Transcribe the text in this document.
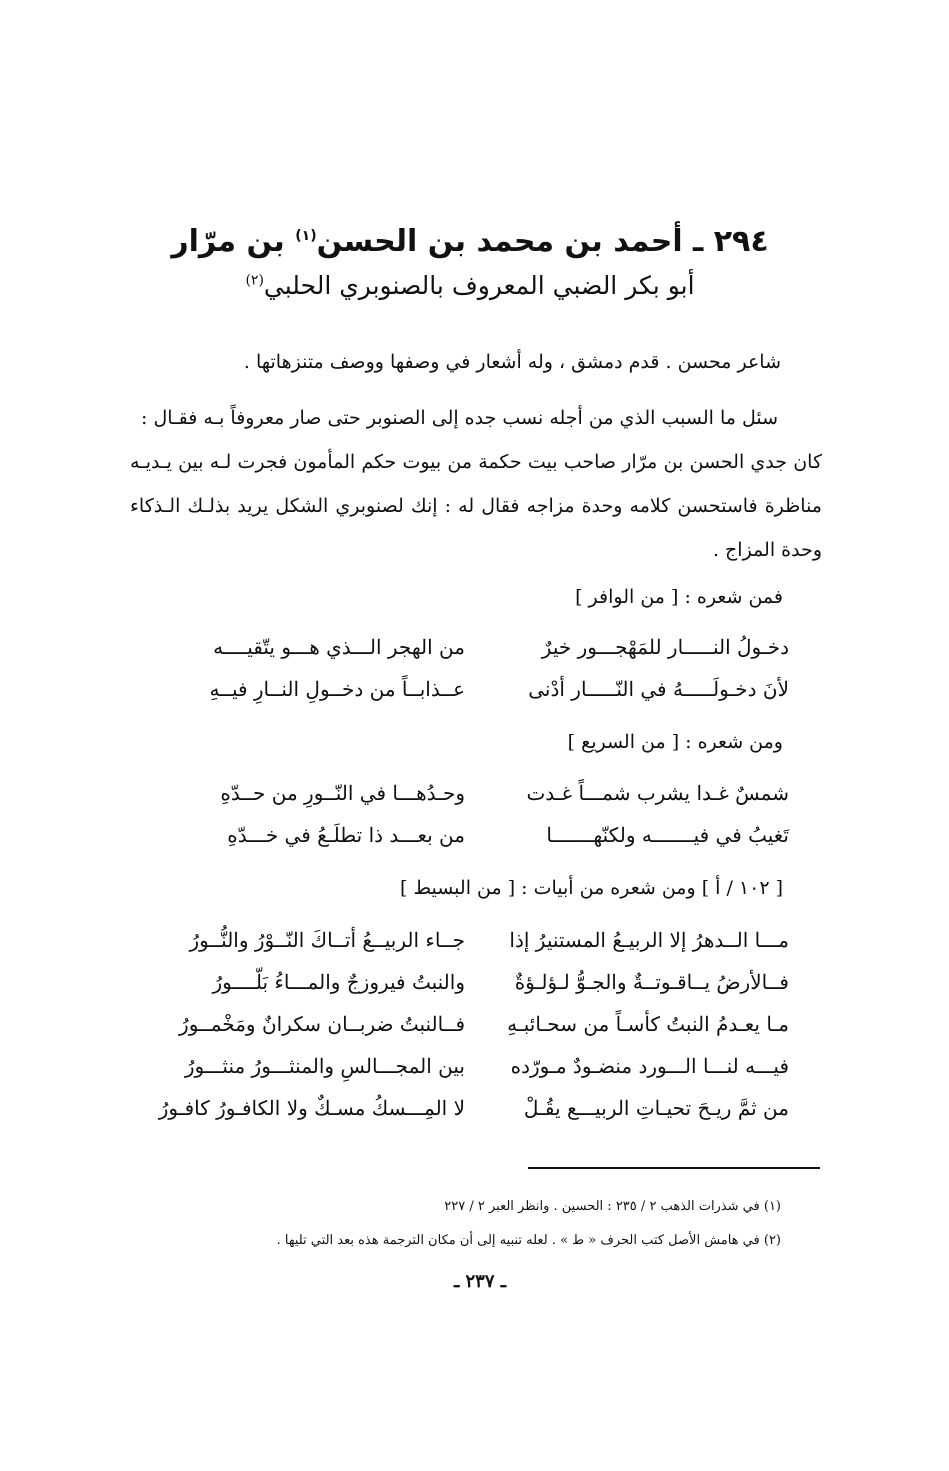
٢٩٤ ـ أحمد بن محمد بن الحسن$^{(١)}$ بن مرّار
أبو بكر الضبي المعروف بالصنوبري الحلبي$^{(٢)}$
شاعر محسن . قدم دمشق ، وله أشعار في وصفها ووصف متنزهاتها .
سئل ما السبب الذي من أجله نسب جده إلى الصنوبر حتى صار معروفاً بـه فقـال :
كان جدي الحسن بن مرّار صاحب بيت حكمة من بيوت حكم المأمون فجرت لـه بين يـديـه مناظرة فاستحسن كلامه وحدة مزاجه فقال له : إنك لصنوبري الشكل يريد بذلـك الـذكاء وحدة المزاج .
فمن شعره : [ من الوافر ]
دخـولُ النـــــار للمَهْجـــور خيرٌ
من الهجر الـــذي هـــو يتّقيــــه
لأنَ دخـولَـــــهُ في النّـــــار أدْنى
عــذابــاً من دخــولِ النــارِ فيــهِ
ومن شعره : [ من السريع ]
شمسٌ غـدا يشرب شمـــاً غـدت
وحـدُهـــا في النّــورِ من حــدّهِ
تَغيبُ في فيـــــــه ولكنّهـــــــا
من بعـــد ذا تطلَـعُ في خـــدّهِ
[ ١٠٢ / أ ] ومن شعره من أبيات : [ من البسيط ]
مـــا الــدهرُ إلا الربيـعُ المستنيرُ إذا
جــاء الربيــعُ أتــاكَ النّــوْرُ والنُّــورُ
فــالأرضُ يــاقـوتــةٌ والجـوُّ لـؤلـؤةٌ
والنبتُ فيروزجٌ والمـــاءُ بَلّــــورُ
مـا يعـدمُ النبتُ كأسـاً من سحـائبـهِ
فــالنبتُ ضربــان سكرانٌ ومَخْمــورُ
فيـــه لنـــا الـــورد منضـودٌ مـورّده
بين المجـــالسِ والمنثـــورُ منثـــورُ
من ثمَّ ريـحَ تحيـاتِ الربيـــع يقُـلْ
لا المِـــسكُ مسـكٌ ولا الكافـورُ كافـورُ
(١) في شذرات الذهب ٢ / ٢٣٥ : الحسين . وانظر العبر ٢ / ٢٢٧
(٢) في هامش الأصل كتب الحرف « ط » . لعله تنبيه إلى أن مكان الترجمة هذه بعد التي تليها .
ـ ٢٣٧ ـ
